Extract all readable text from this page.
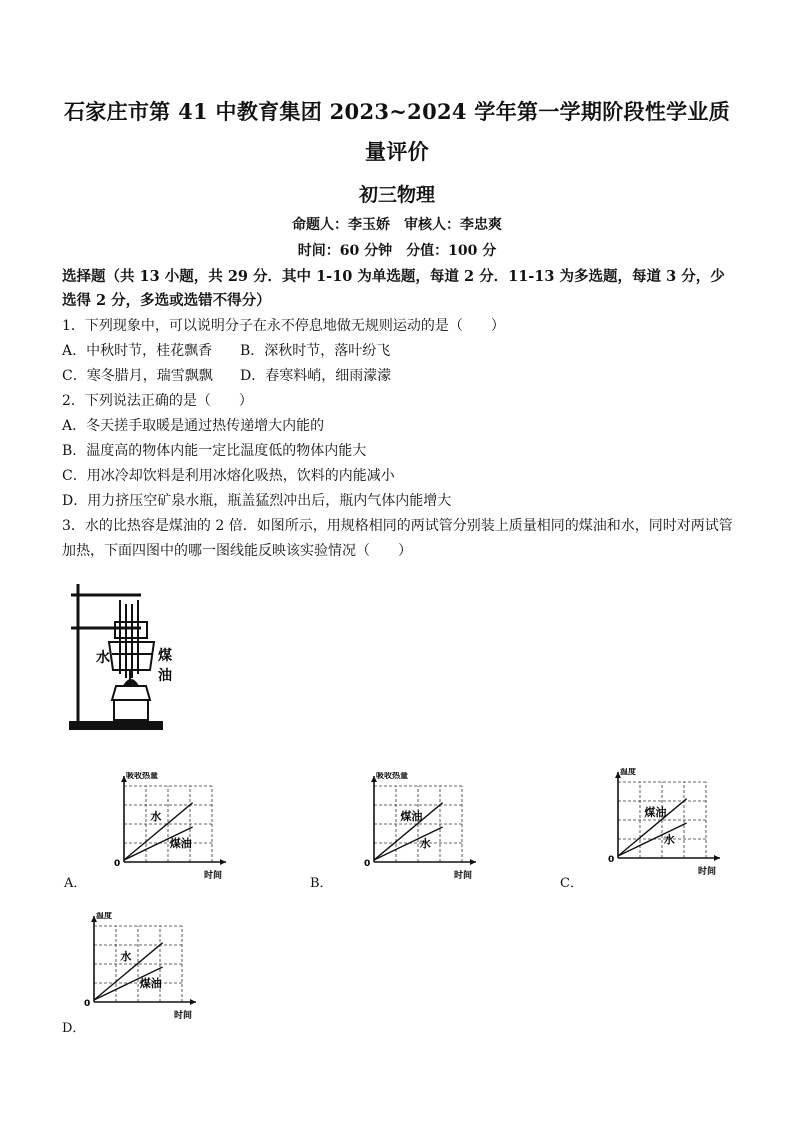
石家庄市第 41 中教育集团 2023~2024 学年第一学期阶段性学业质量评价
初三物理
命题人：李玉娇　审核人：李忠爽
时间：60 分钟　分值：100 分
选择题（共 13 小题，共 29 分．其中 1-10 为单选题，每道 2 分．11-13 为多选题，每道 3 分，少选得 2 分，多选或选错不得分）
1．下列现象中，可以说明分子在永不停息地做无规则运动的是（　　）
A．中秋时节，桂花飘香 B．深秋时节，落叶纷飞
C．寒冬腊月，瑞雪飘飘 D．春寒料峭，细雨濛濛
2．下列说法正确的是（　　）
A．冬天搓手取暖是通过热传递增大内能的
B．温度高的物体内能一定比温度低的物体内能大
C．用冰冷却饮料是利用冰熔化吸热，饮料的内能减小
D．用力挤压空矿泉水瓶，瓶盖猛烈冲出后，瓶内气体内能增大
3．水的比热容是煤油的 2 倍．如图所示，用规格相同的两试管分别装上质量相同的煤油和水，同时对两试管
加热，下面四图中的哪一图线能反映该实验情况（　　）
水	煤
油
A．	B．	C．
D．
吸收热量
时间
0
水
煤油
吸收热量
时间
0
煤油
水
温度
时间
0
煤油
水
温度
时间
0
水
煤油
